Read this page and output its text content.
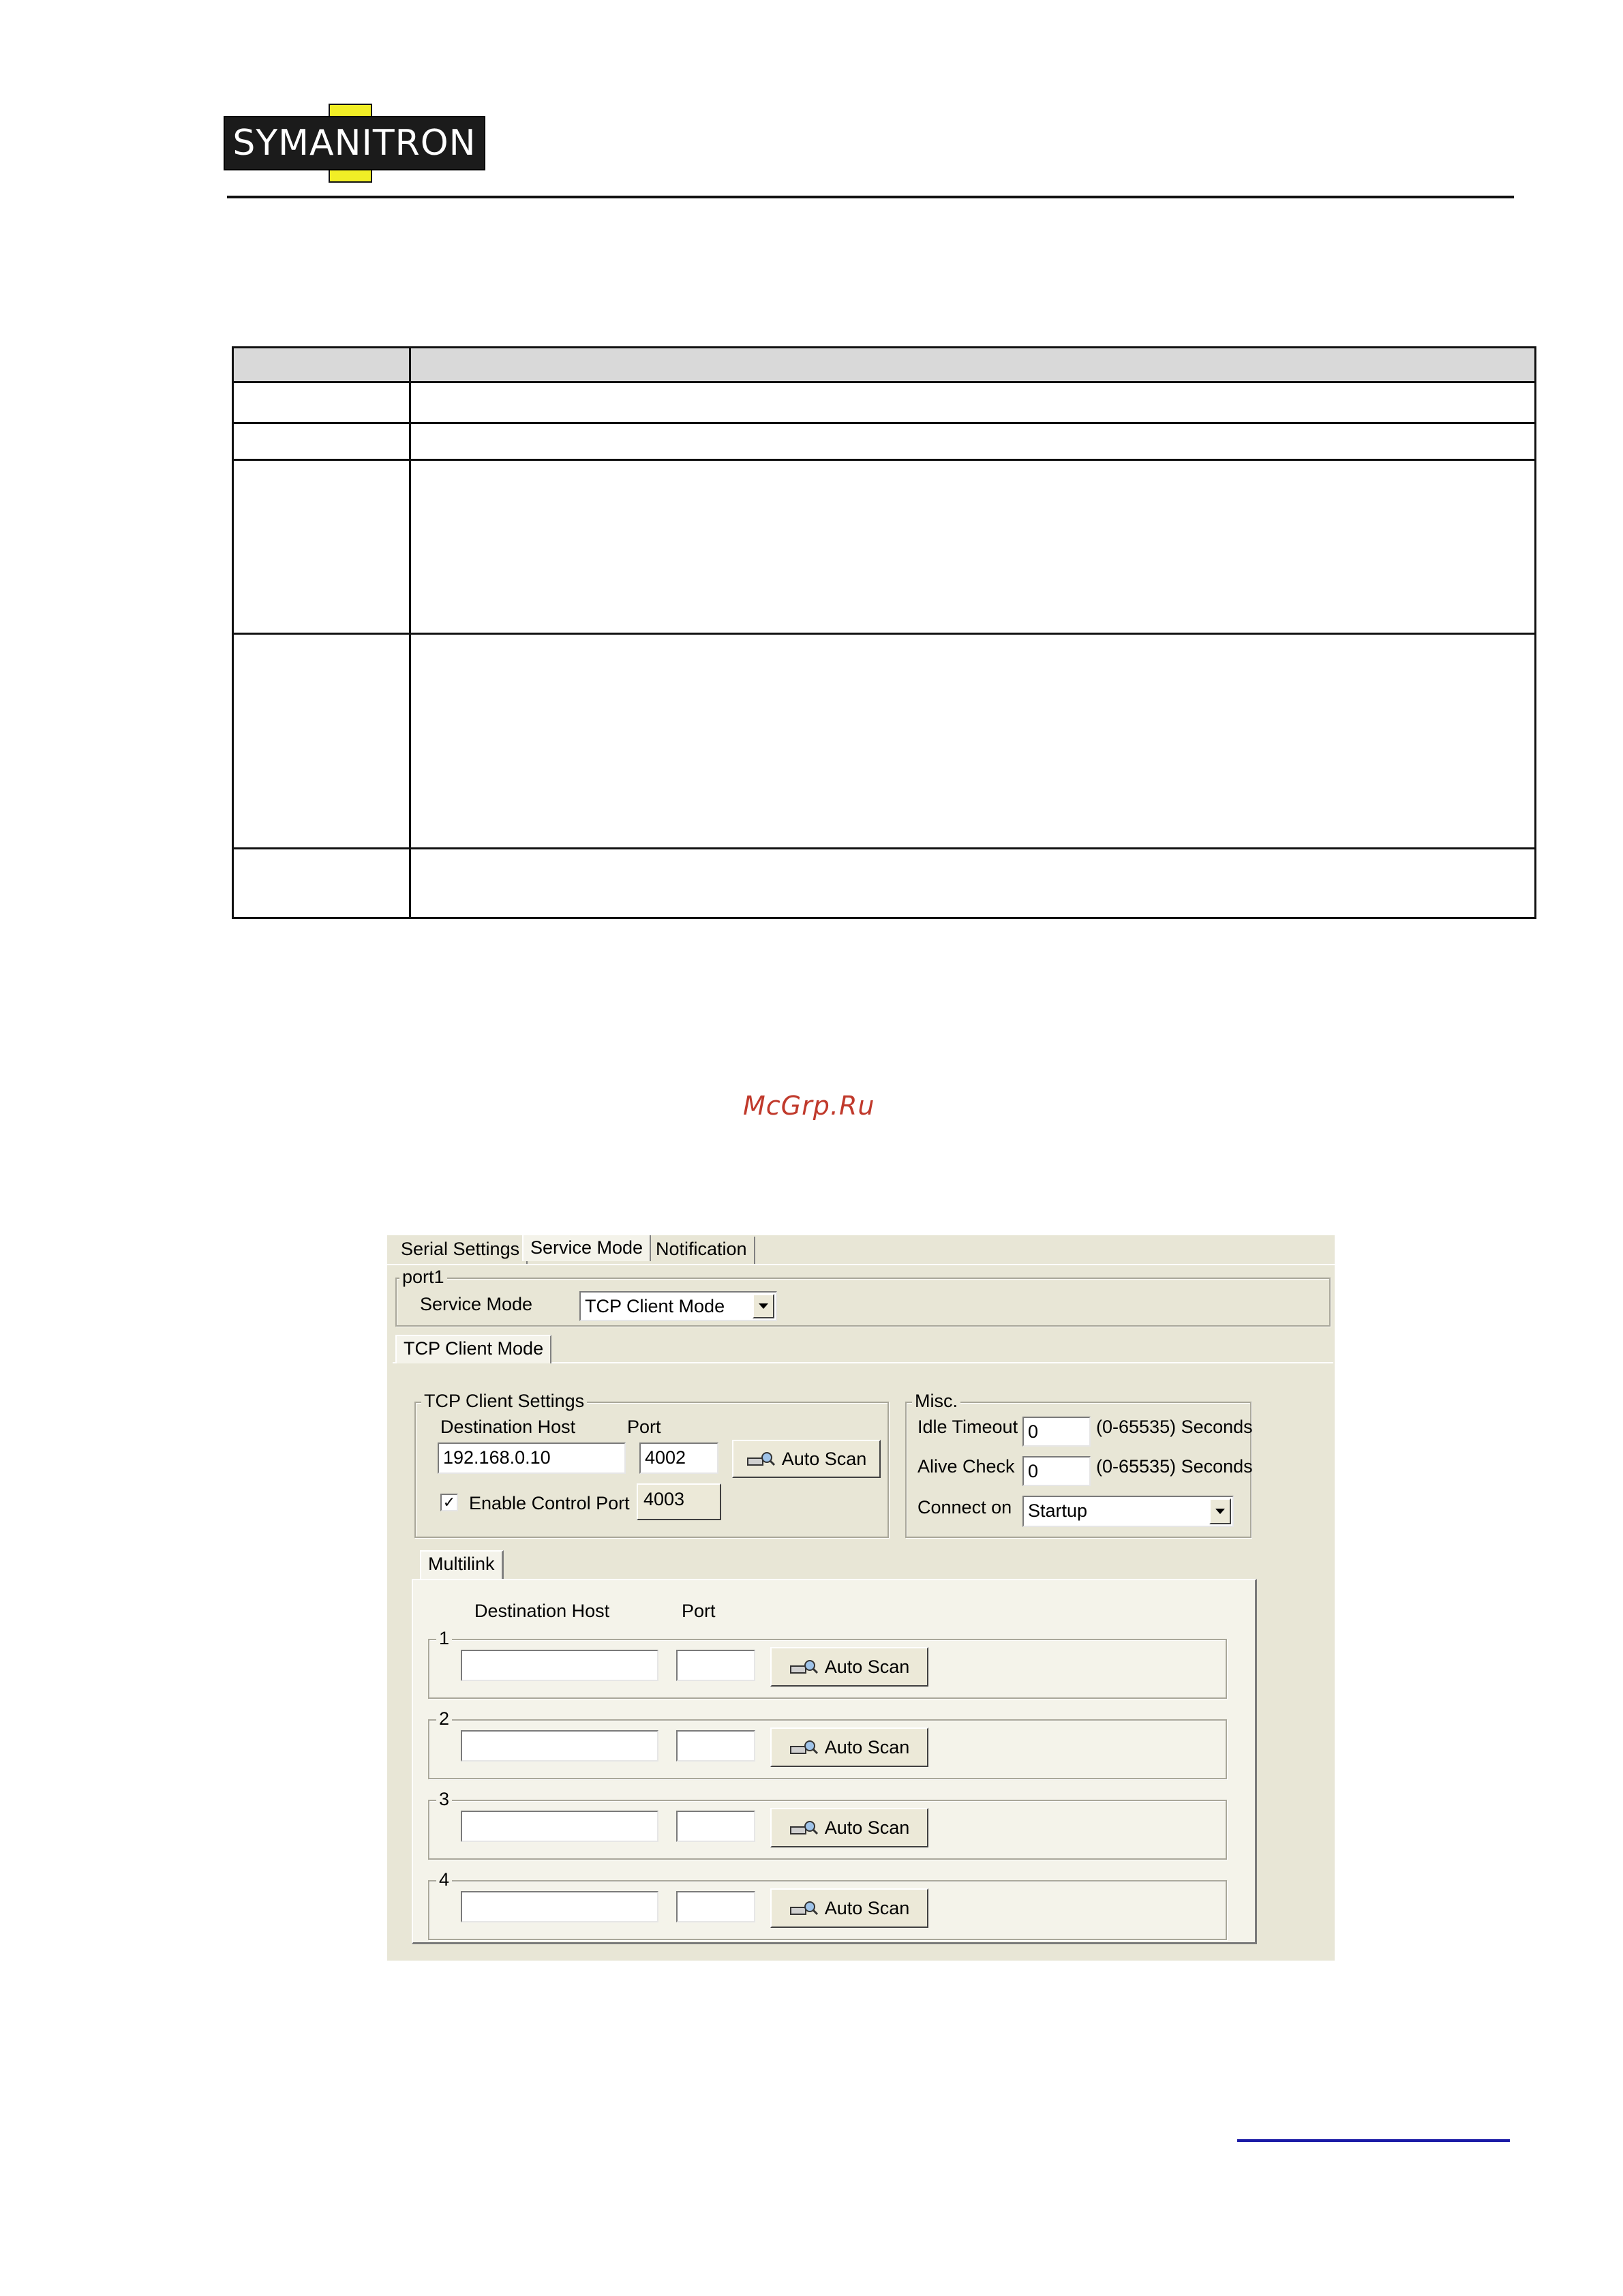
SYMANITRON
McGrp.Ru
Serial Settings Service Mode Notification
port1
Service Mode	TCP Client Mode
TCP Client Mode
TCP Client Settings
Destination Host	Port
192.168.0.10	4002	Auto Scan
✓ Enable Control Port 4003
Misc.
Idle Timeout 0	(0-65535) Seconds
Alive Check 0	(0-65535) Seconds
Connect on Startup
Multilink
Destination Host	Port
1
Auto Scan
2
Auto Scan
3
Auto Scan
4
Auto Scan
